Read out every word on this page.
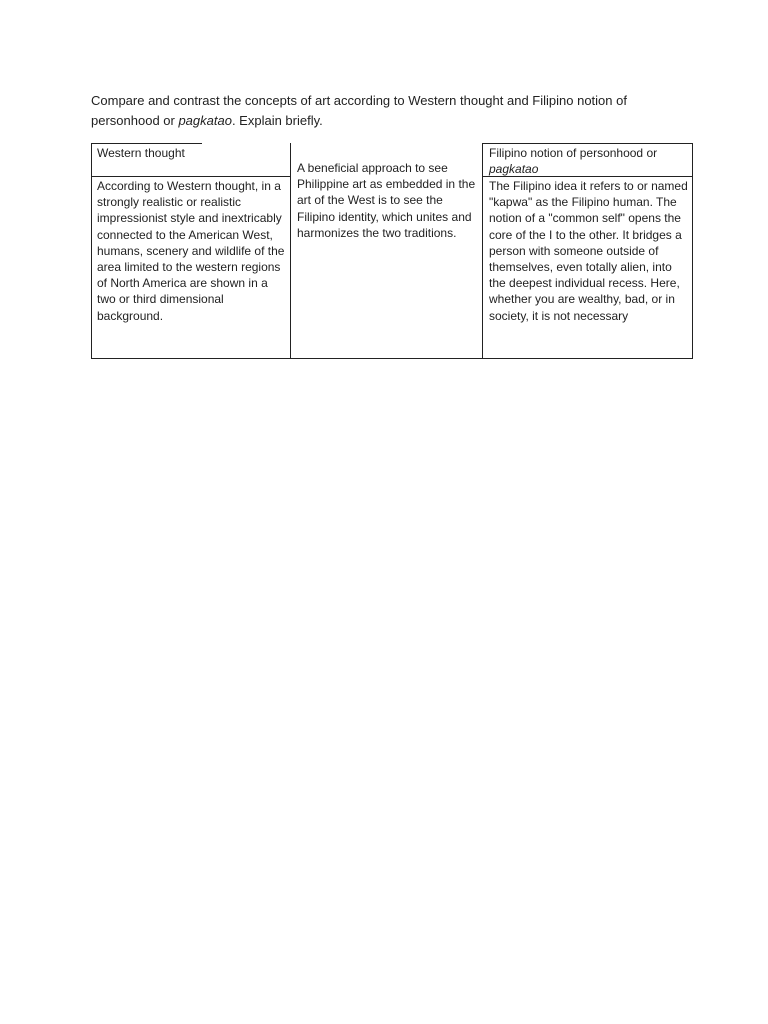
Compare and contrast the concepts of art according to Western thought and Filipino notion of
personhood or pagkatao. Explain briefly.
Western thought
According to Western thought, in a strongly realistic or realistic impressionist style and inextricably connected to the American West, humans, scenery and wildlife of the area limited to the western regions of North America are shown in a two or third dimensional background.
A beneficial approach to see Philippine art as embedded in the art of the West is to see the Filipino identity, which unites and harmonizes the two traditions.
Filipino notion of personhood or pagkatao
The Filipino idea it refers to or named "kapwa" as the Filipino human. The notion of a "common self" opens the core of the I to the other. It bridges a person with someone outside of themselves, even totally alien, into the deepest individual recess. Here, whether you are wealthy, bad, or in society, it is not necessary
